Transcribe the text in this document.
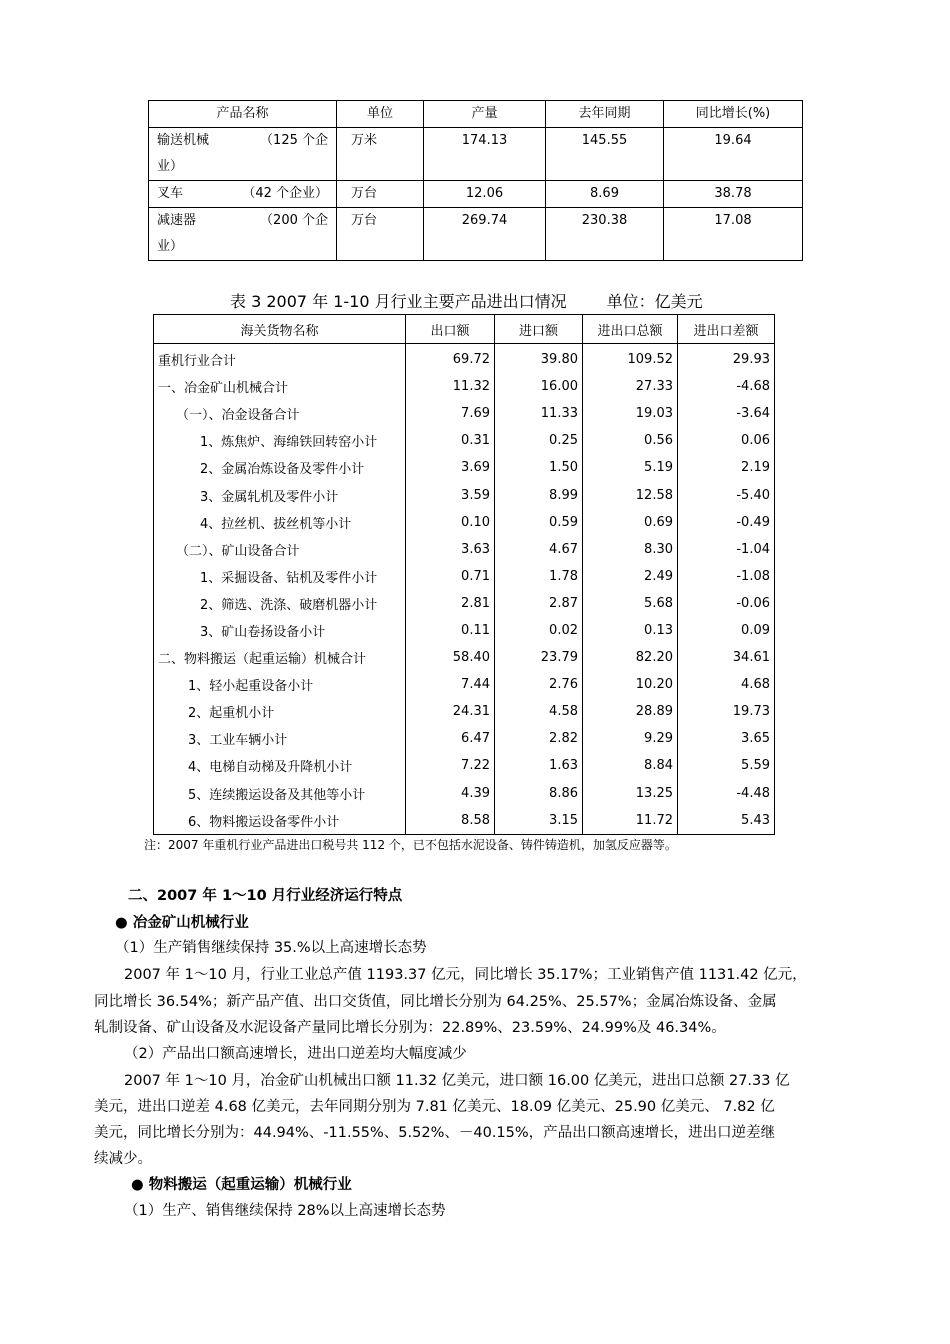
产品名称	单位	产量	去年同期	同比增长(%)

输送机械 （125 个企
业）	万米	174.13	145.55	19.64

叉车 （42 个企业）	万台	12.06	8.69	38.78

减速器 （200 个企
业）	万台	269.74	230.38	17.08
表 3 2007 年 1-10 月行业主要产品进出口情况	单位：亿美元
海关货物名称	出口额	进口额	进出口总额	进出口差额
重机行业合计	69.72	39.80	109.52	29.93
一、冶金矿山机械合计	11.32	16.00	27.33	-4.68
（一）、冶金设备合计	7.69	11.33	19.03	-3.64
1、炼焦炉、海绵铁回转窑小计	0.31	0.25	0.56	0.06
2、金属冶炼设备及零件小计	3.69	1.50	5.19	2.19
3、金属轧机及零件小计	3.59	8.99	12.58	-5.40
4、拉丝机、拔丝机等小计	0.10	0.59	0.69	-0.49
（二）、矿山设备合计	3.63	4.67	8.30	-1.04
1、采掘设备、钻机及零件小计	0.71	1.78	2.49	-1.08
2、筛选、洗涤、破磨机器小计	2.81	2.87	5.68	-0.06
3、矿山卷扬设备小计	0.11	0.02	0.13	0.09
二、物料搬运（起重运输）机械合计	58.40	23.79	82.20	34.61
1、轻小起重设备小计	7.44	2.76	10.20	4.68
2、起重机小计	24.31	4.58	28.89	19.73
3、工业车辆小计	6.47	2.82	9.29	3.65
4、电梯自动梯及升降机小计	7.22	1.63	8.84	5.59
5、连续搬运设备及其他等小计	4.39	8.86	13.25	-4.48
6、物料搬运设备零件小计	8.58	3.15	11.72	5.43
注：2007 年重机行业产品进出口税号共 112 个，已不包括水泥设备、铸件铸造机，加氢反应器等。
二、2007 年 1～10 月行业经济运行特点
● 冶金矿山机械行业
（1）生产销售继续保持 35.%以上高速增长态势
2007 年 1～10 月，行业工业总产值 1193.37 亿元，同比增长 35.17%；工业销售产值 1131.42 亿元，
同比增长 36.54%；新产品产值、出口交货值，同比增长分别为 64.25%、25.57%；金属冶炼设备、金属
轧制设备、矿山设备及水泥设备产量同比增长分别为：22.89%、23.59%、24.99%及 46.34%。
（2）产品出口额高速增长，进出口逆差均大幅度减少
2007 年 1～10 月，冶金矿山机械出口额 11.32 亿美元，进口额 16.00 亿美元，进出口总额 27.33 亿
美元，进出口逆差 4.68 亿美元，去年同期分别为 7.81 亿美元、18.09 亿美元、25.90 亿美元、 7.82 亿
美元，同比增长分别为：44.94%、-11.55%、5.52%、－40.15%，产品出口额高速增长，进出口逆差继
续减少。
● 物料搬运（起重运输）机械行业
（1）生产、销售继续保持 28%以上高速增长态势
